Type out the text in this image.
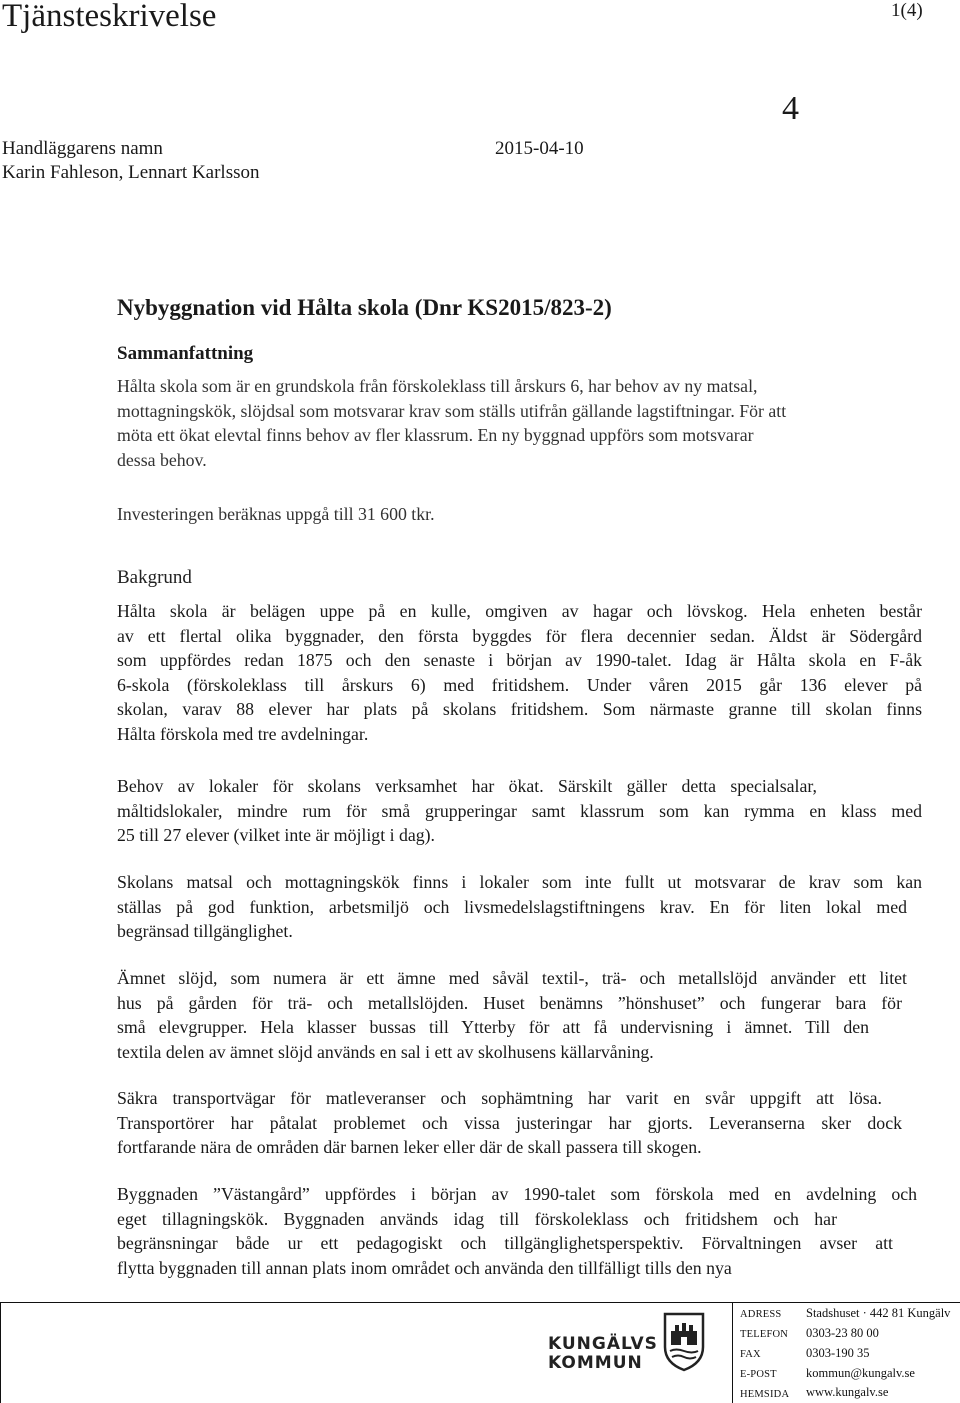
Tjänsteskrivelse	1(4)
4
Handläggarens namn
Karin Fahleson, Lennart Karlsson
2015-04-10
Nybyggnation vid Hålta skola (Dnr KS2015/823-2)
Sammanfattning
Hålta skola som är en grundskola från förskoleklass till årskurs 6, har behov av ny matsal,
mottagningskök, slöjdsal som motsvarar krav som ställs utifrån gällande lagstiftningar. För att
möta ett ökat elevtal finns behov av fler klassrum. En ny byggnad uppförs som motsvarar
dessa behov.
Investeringen beräknas uppgå till 31 600 tkr.
Bakgrund
Hålta skola är belägen uppe på en kulle, omgiven av hagar och lövskog. Hela enheten består
av ett flertal olika byggnader, den första byggdes för flera decennier sedan. Äldst är Södergård
som uppfördes redan 1875 och den senaste i början av 1990-talet. Idag är Hålta skola en F-åk
6-skola (förskoleklass till årskurs 6) med fritidshem. Under våren 2015 går 136 elever på
skolan, varav 88 elever har plats på skolans fritidshem. Som närmaste granne till skolan finns
Hålta förskola med tre avdelningar.
Behov av lokaler för skolans verksamhet har ökat. Särskilt gäller detta specialsalar,
måltidslokaler, mindre rum för små grupperingar samt klassrum som kan rymma en klass med
25 till 27 elever (vilket inte är möjligt i dag).
Skolans matsal och mottagningskök finns i lokaler som inte fullt ut motsvarar de krav som kan
ställas på god funktion, arbetsmiljö och livsmedelslagstiftningens krav. En för liten lokal med
begränsad tillgänglighet.
Ämnet slöjd, som numera är ett ämne med såväl textil-, trä- och metallslöjd använder ett litet
hus på gården för trä- och metallslöjden. Huset benämns ”hönshuset” och fungerar bara för
små elevgrupper. Hela klasser bussas till Ytterby för att få undervisning i ämnet. Till den
textila delen av ämnet slöjd används en sal i ett av skolhusens källarvåning.
Säkra transportvägar för matleveranser och sophämtning har varit en svår uppgift att lösa.
Transportörer har påtalat problemet och vissa justeringar har gjorts. Leveranserna sker dock
fortfarande nära de områden där barnen leker eller där de skall passera till skogen.
Byggnaden ”Västangård” uppfördes i början av 1990-talet som förskola med en avdelning och
eget tillagningskök. Byggnaden används idag till förskoleklass och fritidshem och har
begränsningar både ur ett pedagogiskt och tillgänglighetsperspektiv. Förvaltningen avser att
flytta byggnaden till annan plats inom området och använda den tillfälligt tills den nya
KUNGÄLVS
KOMMUN
ADRESS Stadshuset · 442 81 Kungälv
TELEFON 0303-23 80 00
FAX	0303-190 35
E-POST kommun@kungalv.se
HEMSIDA www.kungalv.se
